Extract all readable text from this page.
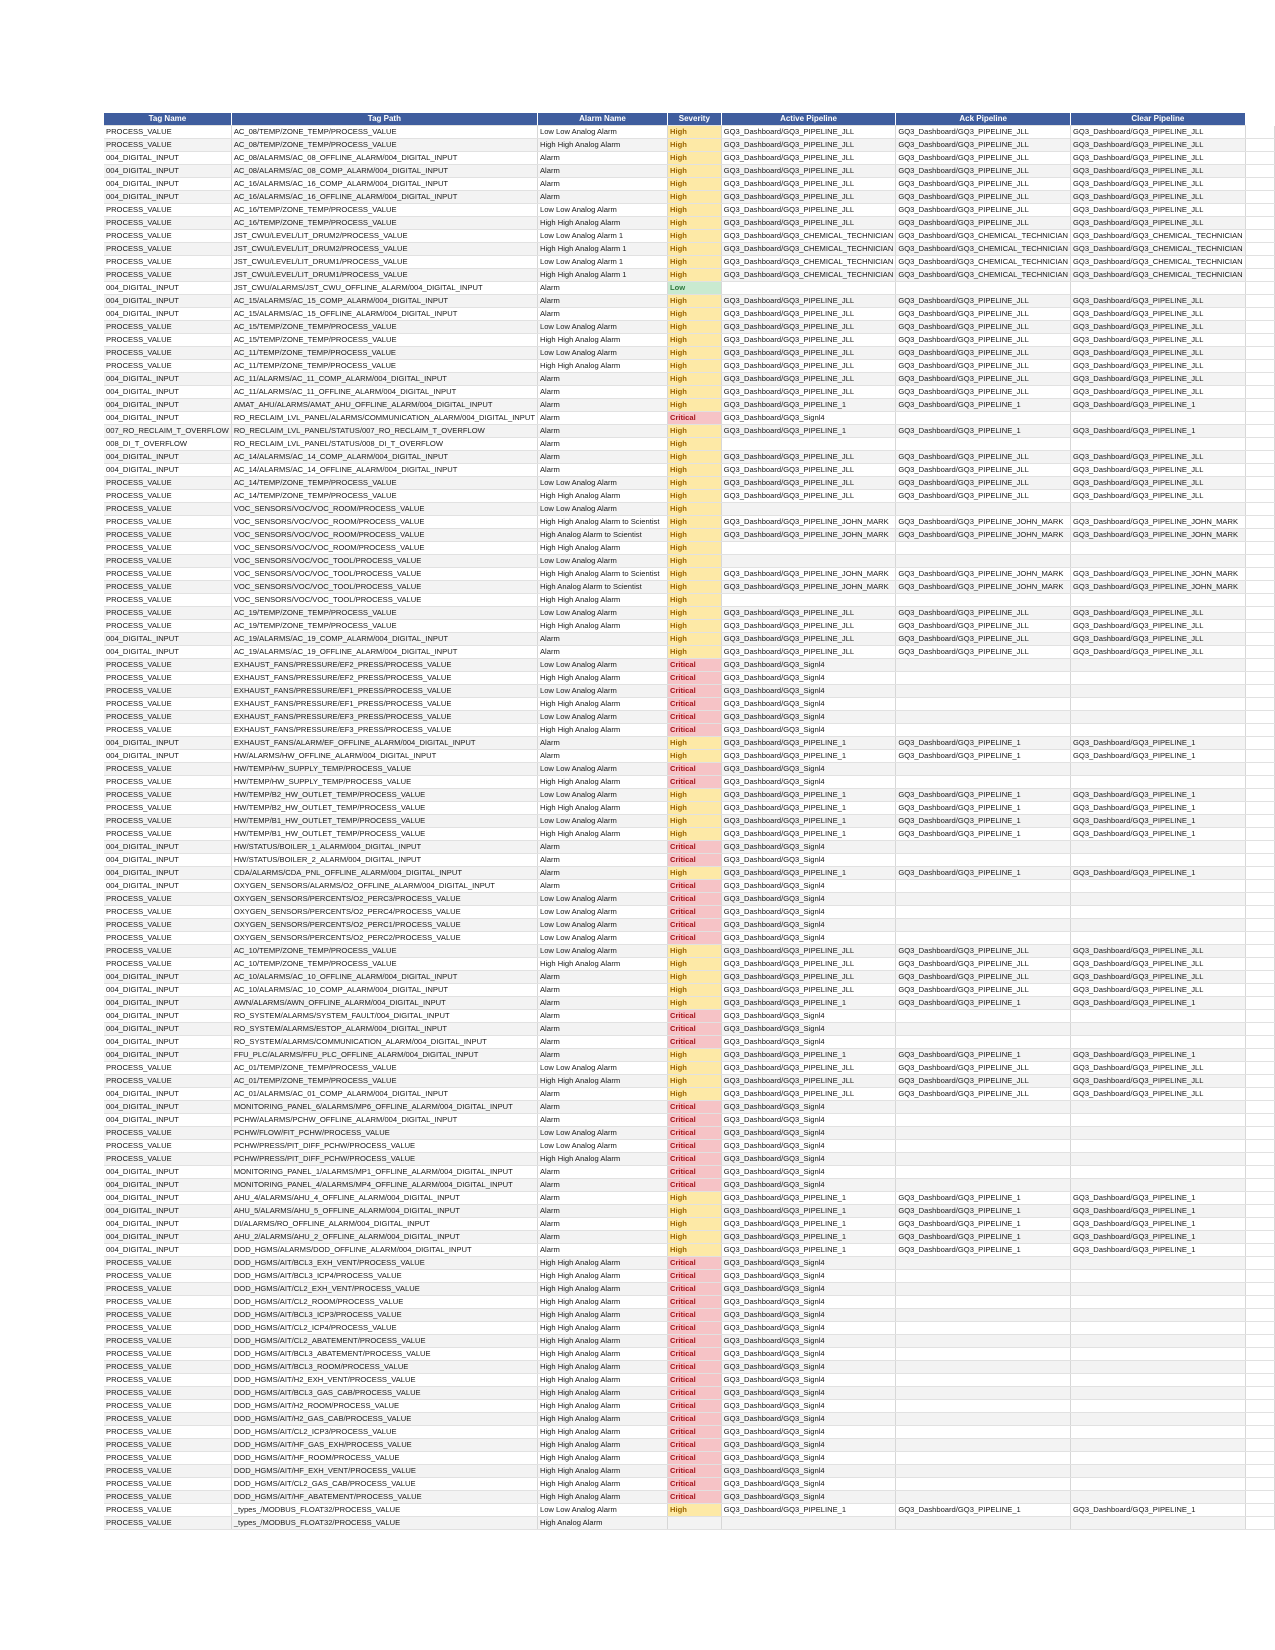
Tag Name	Tag Path	Alarm Name	Severity	Active Pipeline	Ack Pipeline	Clear Pipeline	
PROCESS_VALUE	AC_08/TEMP/ZONE_TEMP/PROCESS_VALUE	Low Low Analog Alarm	High	GQ3_Dashboard/GQ3_PIPELINE_JLL	GQ3_Dashboard/GQ3_PIPELINE_JLL	GQ3_Dashboard/GQ3_PIPELINE_JLL	
PROCESS_VALUE	AC_08/TEMP/ZONE_TEMP/PROCESS_VALUE	High High Analog Alarm	High	GQ3_Dashboard/GQ3_PIPELINE_JLL	GQ3_Dashboard/GQ3_PIPELINE_JLL	GQ3_Dashboard/GQ3_PIPELINE_JLL	
004_DIGITAL_INPUT	AC_08/ALARMS/AC_08_OFFLINE_ALARM/004_DIGITAL_INPUT	Alarm	High	GQ3_Dashboard/GQ3_PIPELINE_JLL	GQ3_Dashboard/GQ3_PIPELINE_JLL	GQ3_Dashboard/GQ3_PIPELINE_JLL	
004_DIGITAL_INPUT	AC_08/ALARMS/AC_08_COMP_ALARM/004_DIGITAL_INPUT	Alarm	High	GQ3_Dashboard/GQ3_PIPELINE_JLL	GQ3_Dashboard/GQ3_PIPELINE_JLL	GQ3_Dashboard/GQ3_PIPELINE_JLL	
004_DIGITAL_INPUT	AC_16/ALARMS/AC_16_COMP_ALARM/004_DIGITAL_INPUT	Alarm	High	GQ3_Dashboard/GQ3_PIPELINE_JLL	GQ3_Dashboard/GQ3_PIPELINE_JLL	GQ3_Dashboard/GQ3_PIPELINE_JLL	
004_DIGITAL_INPUT	AC_16/ALARMS/AC_16_OFFLINE_ALARM/004_DIGITAL_INPUT	Alarm	High	GQ3_Dashboard/GQ3_PIPELINE_JLL	GQ3_Dashboard/GQ3_PIPELINE_JLL	GQ3_Dashboard/GQ3_PIPELINE_JLL	
PROCESS_VALUE	AC_16/TEMP/ZONE_TEMP/PROCESS_VALUE	Low Low Analog Alarm	High	GQ3_Dashboard/GQ3_PIPELINE_JLL	GQ3_Dashboard/GQ3_PIPELINE_JLL	GQ3_Dashboard/GQ3_PIPELINE_JLL	
PROCESS_VALUE	AC_16/TEMP/ZONE_TEMP/PROCESS_VALUE	High High Analog Alarm	High	GQ3_Dashboard/GQ3_PIPELINE_JLL	GQ3_Dashboard/GQ3_PIPELINE_JLL	GQ3_Dashboard/GQ3_PIPELINE_JLL	
PROCESS_VALUE	JST_CWU/LEVEL/LIT_DRUM2/PROCESS_VALUE	Low Low Analog Alarm 1	High	GQ3_Dashboard/GQ3_CHEMICAL_TECHNICIAN	GQ3_Dashboard/GQ3_CHEMICAL_TECHNICIAN	GQ3_Dashboard/GQ3_CHEMICAL_TECHNICIAN	
PROCESS_VALUE	JST_CWU/LEVEL/LIT_DRUM2/PROCESS_VALUE	High High Analog Alarm 1	High	GQ3_Dashboard/GQ3_CHEMICAL_TECHNICIAN	GQ3_Dashboard/GQ3_CHEMICAL_TECHNICIAN	GQ3_Dashboard/GQ3_CHEMICAL_TECHNICIAN	
PROCESS_VALUE	JST_CWU/LEVEL/LIT_DRUM1/PROCESS_VALUE	Low Low Analog Alarm 1	High	GQ3_Dashboard/GQ3_CHEMICAL_TECHNICIAN	GQ3_Dashboard/GQ3_CHEMICAL_TECHNICIAN	GQ3_Dashboard/GQ3_CHEMICAL_TECHNICIAN	
PROCESS_VALUE	JST_CWU/LEVEL/LIT_DRUM1/PROCESS_VALUE	High High Analog Alarm 1	High	GQ3_Dashboard/GQ3_CHEMICAL_TECHNICIAN	GQ3_Dashboard/GQ3_CHEMICAL_TECHNICIAN	GQ3_Dashboard/GQ3_CHEMICAL_TECHNICIAN	
004_DIGITAL_INPUT	JST_CWU/ALARMS/JST_CWU_OFFLINE_ALARM/004_DIGITAL_INPUT	Alarm	Low				
004_DIGITAL_INPUT	AC_15/ALARMS/AC_15_COMP_ALARM/004_DIGITAL_INPUT	Alarm	High	GQ3_Dashboard/GQ3_PIPELINE_JLL	GQ3_Dashboard/GQ3_PIPELINE_JLL	GQ3_Dashboard/GQ3_PIPELINE_JLL	
004_DIGITAL_INPUT	AC_15/ALARMS/AC_15_OFFLINE_ALARM/004_DIGITAL_INPUT	Alarm	High	GQ3_Dashboard/GQ3_PIPELINE_JLL	GQ3_Dashboard/GQ3_PIPELINE_JLL	GQ3_Dashboard/GQ3_PIPELINE_JLL	
PROCESS_VALUE	AC_15/TEMP/ZONE_TEMP/PROCESS_VALUE	Low Low Analog Alarm	High	GQ3_Dashboard/GQ3_PIPELINE_JLL	GQ3_Dashboard/GQ3_PIPELINE_JLL	GQ3_Dashboard/GQ3_PIPELINE_JLL	
PROCESS_VALUE	AC_15/TEMP/ZONE_TEMP/PROCESS_VALUE	High High Analog Alarm	High	GQ3_Dashboard/GQ3_PIPELINE_JLL	GQ3_Dashboard/GQ3_PIPELINE_JLL	GQ3_Dashboard/GQ3_PIPELINE_JLL	
PROCESS_VALUE	AC_11/TEMP/ZONE_TEMP/PROCESS_VALUE	Low Low Analog Alarm	High	GQ3_Dashboard/GQ3_PIPELINE_JLL	GQ3_Dashboard/GQ3_PIPELINE_JLL	GQ3_Dashboard/GQ3_PIPELINE_JLL	
PROCESS_VALUE	AC_11/TEMP/ZONE_TEMP/PROCESS_VALUE	High High Analog Alarm	High	GQ3_Dashboard/GQ3_PIPELINE_JLL	GQ3_Dashboard/GQ3_PIPELINE_JLL	GQ3_Dashboard/GQ3_PIPELINE_JLL	
004_DIGITAL_INPUT	AC_11/ALARMS/AC_11_COMP_ALARM/004_DIGITAL_INPUT	Alarm	High	GQ3_Dashboard/GQ3_PIPELINE_JLL	GQ3_Dashboard/GQ3_PIPELINE_JLL	GQ3_Dashboard/GQ3_PIPELINE_JLL	
004_DIGITAL_INPUT	AC_11/ALARMS/AC_11_OFFLINE_ALARM/004_DIGITAL_INPUT	Alarm	High	GQ3_Dashboard/GQ3_PIPELINE_JLL	GQ3_Dashboard/GQ3_PIPELINE_JLL	GQ3_Dashboard/GQ3_PIPELINE_JLL	
004_DIGITAL_INPUT	AMAT_AHU/ALARMS/AMAT_AHU_OFFLINE_ALARM/004_DIGITAL_INPUT	Alarm	High	GQ3_Dashboard/GQ3_PIPELINE_1	GQ3_Dashboard/GQ3_PIPELINE_1	GQ3_Dashboard/GQ3_PIPELINE_1	
004_DIGITAL_INPUT	RO_RECLAIM_LVL_PANEL/ALARMS/COMMUNICATION_ALARM/004_DIGITAL_INPUT	Alarm	Critical	GQ3_Dashboard/GQ3_Signl4			
007_RO_RECLAIM_T_OVERFLOW	RO_RECLAIM_LVL_PANEL/STATUS/007_RO_RECLAIM_T_OVERFLOW	Alarm	High	GQ3_Dashboard/GQ3_PIPELINE_1	GQ3_Dashboard/GQ3_PIPELINE_1	GQ3_Dashboard/GQ3_PIPELINE_1	
008_DI_T_OVERFLOW	RO_RECLAIM_LVL_PANEL/STATUS/008_DI_T_OVERFLOW	Alarm	High				
004_DIGITAL_INPUT	AC_14/ALARMS/AC_14_COMP_ALARM/004_DIGITAL_INPUT	Alarm	High	GQ3_Dashboard/GQ3_PIPELINE_JLL	GQ3_Dashboard/GQ3_PIPELINE_JLL	GQ3_Dashboard/GQ3_PIPELINE_JLL	
004_DIGITAL_INPUT	AC_14/ALARMS/AC_14_OFFLINE_ALARM/004_DIGITAL_INPUT	Alarm	High	GQ3_Dashboard/GQ3_PIPELINE_JLL	GQ3_Dashboard/GQ3_PIPELINE_JLL	GQ3_Dashboard/GQ3_PIPELINE_JLL	
PROCESS_VALUE	AC_14/TEMP/ZONE_TEMP/PROCESS_VALUE	Low Low Analog Alarm	High	GQ3_Dashboard/GQ3_PIPELINE_JLL	GQ3_Dashboard/GQ3_PIPELINE_JLL	GQ3_Dashboard/GQ3_PIPELINE_JLL	
PROCESS_VALUE	AC_14/TEMP/ZONE_TEMP/PROCESS_VALUE	High High Analog Alarm	High	GQ3_Dashboard/GQ3_PIPELINE_JLL	GQ3_Dashboard/GQ3_PIPELINE_JLL	GQ3_Dashboard/GQ3_PIPELINE_JLL	
PROCESS_VALUE	VOC_SENSORS/VOC/VOC_ROOM/PROCESS_VALUE	Low Low Analog Alarm	High				
PROCESS_VALUE	VOC_SENSORS/VOC/VOC_ROOM/PROCESS_VALUE	High High Analog Alarm to Scientist	High	GQ3_Dashboard/GQ3_PIPELINE_JOHN_MARK	GQ3_Dashboard/GQ3_PIPELINE_JOHN_MARK	GQ3_Dashboard/GQ3_PIPELINE_JOHN_MARK	
PROCESS_VALUE	VOC_SENSORS/VOC/VOC_ROOM/PROCESS_VALUE	High Analog Alarm to Scientist	High	GQ3_Dashboard/GQ3_PIPELINE_JOHN_MARK	GQ3_Dashboard/GQ3_PIPELINE_JOHN_MARK	GQ3_Dashboard/GQ3_PIPELINE_JOHN_MARK	
PROCESS_VALUE	VOC_SENSORS/VOC/VOC_ROOM/PROCESS_VALUE	High High Analog Alarm	High				
PROCESS_VALUE	VOC_SENSORS/VOC/VOC_TOOL/PROCESS_VALUE	Low Low Analog Alarm	High				
PROCESS_VALUE	VOC_SENSORS/VOC/VOC_TOOL/PROCESS_VALUE	High High Analog Alarm to Scientist	High	GQ3_Dashboard/GQ3_PIPELINE_JOHN_MARK	GQ3_Dashboard/GQ3_PIPELINE_JOHN_MARK	GQ3_Dashboard/GQ3_PIPELINE_JOHN_MARK	
PROCESS_VALUE	VOC_SENSORS/VOC/VOC_TOOL/PROCESS_VALUE	High Analog Alarm to Scientist	High	GQ3_Dashboard/GQ3_PIPELINE_JOHN_MARK	GQ3_Dashboard/GQ3_PIPELINE_JOHN_MARK	GQ3_Dashboard/GQ3_PIPELINE_JOHN_MARK	
PROCESS_VALUE	VOC_SENSORS/VOC/VOC_TOOL/PROCESS_VALUE	High High Analog Alarm	High				
PROCESS_VALUE	AC_19/TEMP/ZONE_TEMP/PROCESS_VALUE	Low Low Analog Alarm	High	GQ3_Dashboard/GQ3_PIPELINE_JLL	GQ3_Dashboard/GQ3_PIPELINE_JLL	GQ3_Dashboard/GQ3_PIPELINE_JLL	
PROCESS_VALUE	AC_19/TEMP/ZONE_TEMP/PROCESS_VALUE	High High Analog Alarm	High	GQ3_Dashboard/GQ3_PIPELINE_JLL	GQ3_Dashboard/GQ3_PIPELINE_JLL	GQ3_Dashboard/GQ3_PIPELINE_JLL	
004_DIGITAL_INPUT	AC_19/ALARMS/AC_19_COMP_ALARM/004_DIGITAL_INPUT	Alarm	High	GQ3_Dashboard/GQ3_PIPELINE_JLL	GQ3_Dashboard/GQ3_PIPELINE_JLL	GQ3_Dashboard/GQ3_PIPELINE_JLL	
004_DIGITAL_INPUT	AC_19/ALARMS/AC_19_OFFLINE_ALARM/004_DIGITAL_INPUT	Alarm	High	GQ3_Dashboard/GQ3_PIPELINE_JLL	GQ3_Dashboard/GQ3_PIPELINE_JLL	GQ3_Dashboard/GQ3_PIPELINE_JLL	
PROCESS_VALUE	EXHAUST_FANS/PRESSURE/EF2_PRESS/PROCESS_VALUE	Low Low Analog Alarm	Critical	GQ3_Dashboard/GQ3_Signl4			
PROCESS_VALUE	EXHAUST_FANS/PRESSURE/EF2_PRESS/PROCESS_VALUE	High High Analog Alarm	Critical	GQ3_Dashboard/GQ3_Signl4			
PROCESS_VALUE	EXHAUST_FANS/PRESSURE/EF1_PRESS/PROCESS_VALUE	Low Low Analog Alarm	Critical	GQ3_Dashboard/GQ3_Signl4			
PROCESS_VALUE	EXHAUST_FANS/PRESSURE/EF1_PRESS/PROCESS_VALUE	High High Analog Alarm	Critical	GQ3_Dashboard/GQ3_Signl4			
PROCESS_VALUE	EXHAUST_FANS/PRESSURE/EF3_PRESS/PROCESS_VALUE	Low Low Analog Alarm	Critical	GQ3_Dashboard/GQ3_Signl4			
PROCESS_VALUE	EXHAUST_FANS/PRESSURE/EF3_PRESS/PROCESS_VALUE	High High Analog Alarm	Critical	GQ3_Dashboard/GQ3_Signl4			
004_DIGITAL_INPUT	EXHAUST_FANS/ALARM/EF_OFFLINE_ALARM/004_DIGITAL_INPUT	Alarm	High	GQ3_Dashboard/GQ3_PIPELINE_1	GQ3_Dashboard/GQ3_PIPELINE_1	GQ3_Dashboard/GQ3_PIPELINE_1	
004_DIGITAL_INPUT	HW/ALARMS/HW_OFFLINE_ALARM/004_DIGITAL_INPUT	Alarm	High	GQ3_Dashboard/GQ3_PIPELINE_1	GQ3_Dashboard/GQ3_PIPELINE_1	GQ3_Dashboard/GQ3_PIPELINE_1	
PROCESS_VALUE	HW/TEMP/HW_SUPPLY_TEMP/PROCESS_VALUE	Low Low Analog Alarm	Critical	GQ3_Dashboard/GQ3_Signl4			
PROCESS_VALUE	HW/TEMP/HW_SUPPLY_TEMP/PROCESS_VALUE	High High Analog Alarm	Critical	GQ3_Dashboard/GQ3_Signl4			
PROCESS_VALUE	HW/TEMP/B2_HW_OUTLET_TEMP/PROCESS_VALUE	Low Low Analog Alarm	High	GQ3_Dashboard/GQ3_PIPELINE_1	GQ3_Dashboard/GQ3_PIPELINE_1	GQ3_Dashboard/GQ3_PIPELINE_1	
PROCESS_VALUE	HW/TEMP/B2_HW_OUTLET_TEMP/PROCESS_VALUE	High High Analog Alarm	High	GQ3_Dashboard/GQ3_PIPELINE_1	GQ3_Dashboard/GQ3_PIPELINE_1	GQ3_Dashboard/GQ3_PIPELINE_1	
PROCESS_VALUE	HW/TEMP/B1_HW_OUTLET_TEMP/PROCESS_VALUE	Low Low Analog Alarm	High	GQ3_Dashboard/GQ3_PIPELINE_1	GQ3_Dashboard/GQ3_PIPELINE_1	GQ3_Dashboard/GQ3_PIPELINE_1	
PROCESS_VALUE	HW/TEMP/B1_HW_OUTLET_TEMP/PROCESS_VALUE	High High Analog Alarm	High	GQ3_Dashboard/GQ3_PIPELINE_1	GQ3_Dashboard/GQ3_PIPELINE_1	GQ3_Dashboard/GQ3_PIPELINE_1	
004_DIGITAL_INPUT	HW/STATUS/BOILER_1_ALARM/004_DIGITAL_INPUT	Alarm	Critical	GQ3_Dashboard/GQ3_Signl4			
004_DIGITAL_INPUT	HW/STATUS/BOILER_2_ALARM/004_DIGITAL_INPUT	Alarm	Critical	GQ3_Dashboard/GQ3_Signl4			
004_DIGITAL_INPUT	CDA/ALARMS/CDA_PNL_OFFLINE_ALARM/004_DIGITAL_INPUT	Alarm	High	GQ3_Dashboard/GQ3_PIPELINE_1	GQ3_Dashboard/GQ3_PIPELINE_1	GQ3_Dashboard/GQ3_PIPELINE_1	
004_DIGITAL_INPUT	OXYGEN_SENSORS/ALARMS/O2_OFFLINE_ALARM/004_DIGITAL_INPUT	Alarm	Critical	GQ3_Dashboard/GQ3_Signl4			
PROCESS_VALUE	OXYGEN_SENSORS/PERCENTS/O2_PERC3/PROCESS_VALUE	Low Low Analog Alarm	Critical	GQ3_Dashboard/GQ3_Signl4			
PROCESS_VALUE	OXYGEN_SENSORS/PERCENTS/O2_PERC4/PROCESS_VALUE	Low Low Analog Alarm	Critical	GQ3_Dashboard/GQ3_Signl4			
PROCESS_VALUE	OXYGEN_SENSORS/PERCENTS/O2_PERC1/PROCESS_VALUE	Low Low Analog Alarm	Critical	GQ3_Dashboard/GQ3_Signl4			
PROCESS_VALUE	OXYGEN_SENSORS/PERCENTS/O2_PERC2/PROCESS_VALUE	Low Low Analog Alarm	Critical	GQ3_Dashboard/GQ3_Signl4			
PROCESS_VALUE	AC_10/TEMP/ZONE_TEMP/PROCESS_VALUE	Low Low Analog Alarm	High	GQ3_Dashboard/GQ3_PIPELINE_JLL	GQ3_Dashboard/GQ3_PIPELINE_JLL	GQ3_Dashboard/GQ3_PIPELINE_JLL	
PROCESS_VALUE	AC_10/TEMP/ZONE_TEMP/PROCESS_VALUE	High High Analog Alarm	High	GQ3_Dashboard/GQ3_PIPELINE_JLL	GQ3_Dashboard/GQ3_PIPELINE_JLL	GQ3_Dashboard/GQ3_PIPELINE_JLL	
004_DIGITAL_INPUT	AC_10/ALARMS/AC_10_OFFLINE_ALARM/004_DIGITAL_INPUT	Alarm	High	GQ3_Dashboard/GQ3_PIPELINE_JLL	GQ3_Dashboard/GQ3_PIPELINE_JLL	GQ3_Dashboard/GQ3_PIPELINE_JLL	
004_DIGITAL_INPUT	AC_10/ALARMS/AC_10_COMP_ALARM/004_DIGITAL_INPUT	Alarm	High	GQ3_Dashboard/GQ3_PIPELINE_JLL	GQ3_Dashboard/GQ3_PIPELINE_JLL	GQ3_Dashboard/GQ3_PIPELINE_JLL	
004_DIGITAL_INPUT	AWN/ALARMS/AWN_OFFLINE_ALARM/004_DIGITAL_INPUT	Alarm	High	GQ3_Dashboard/GQ3_PIPELINE_1	GQ3_Dashboard/GQ3_PIPELINE_1	GQ3_Dashboard/GQ3_PIPELINE_1	
004_DIGITAL_INPUT	RO_SYSTEM/ALARMS/SYSTEM_FAULT/004_DIGITAL_INPUT	Alarm	Critical	GQ3_Dashboard/GQ3_Signl4			
004_DIGITAL_INPUT	RO_SYSTEM/ALARMS/ESTOP_ALARM/004_DIGITAL_INPUT	Alarm	Critical	GQ3_Dashboard/GQ3_Signl4			
004_DIGITAL_INPUT	RO_SYSTEM/ALARMS/COMMUNICATION_ALARM/004_DIGITAL_INPUT	Alarm	Critical	GQ3_Dashboard/GQ3_Signl4			
004_DIGITAL_INPUT	FFU_PLC/ALARMS/FFU_PLC_OFFLINE_ALARM/004_DIGITAL_INPUT	Alarm	High	GQ3_Dashboard/GQ3_PIPELINE_1	GQ3_Dashboard/GQ3_PIPELINE_1	GQ3_Dashboard/GQ3_PIPELINE_1	
PROCESS_VALUE	AC_01/TEMP/ZONE_TEMP/PROCESS_VALUE	Low Low Analog Alarm	High	GQ3_Dashboard/GQ3_PIPELINE_JLL	GQ3_Dashboard/GQ3_PIPELINE_JLL	GQ3_Dashboard/GQ3_PIPELINE_JLL	
PROCESS_VALUE	AC_01/TEMP/ZONE_TEMP/PROCESS_VALUE	High High Analog Alarm	High	GQ3_Dashboard/GQ3_PIPELINE_JLL	GQ3_Dashboard/GQ3_PIPELINE_JLL	GQ3_Dashboard/GQ3_PIPELINE_JLL	
004_DIGITAL_INPUT	AC_01/ALARMS/AC_01_COMP_ALARM/004_DIGITAL_INPUT	Alarm	High	GQ3_Dashboard/GQ3_PIPELINE_JLL	GQ3_Dashboard/GQ3_PIPELINE_JLL	GQ3_Dashboard/GQ3_PIPELINE_JLL	
004_DIGITAL_INPUT	MONITORING_PANEL_6/ALARMS/MP6_OFFLINE_ALARM/004_DIGITAL_INPUT	Alarm	Critical	GQ3_Dashboard/GQ3_Signl4			
004_DIGITAL_INPUT	PCHW/ALARMS/PCHW_OFFLINE_ALARM/004_DIGITAL_INPUT	Alarm	Critical	GQ3_Dashboard/GQ3_Signl4			
PROCESS_VALUE	PCHW/FLOW/FIT_PCHW/PROCESS_VALUE	Low Low Analog Alarm	Critical	GQ3_Dashboard/GQ3_Signl4			
PROCESS_VALUE	PCHW/PRESS/PIT_DIFF_PCHW/PROCESS_VALUE	Low Low Analog Alarm	Critical	GQ3_Dashboard/GQ3_Signl4			
PROCESS_VALUE	PCHW/PRESS/PIT_DIFF_PCHW/PROCESS_VALUE	High High Analog Alarm	Critical	GQ3_Dashboard/GQ3_Signl4			
004_DIGITAL_INPUT	MONITORING_PANEL_1/ALARMS/MP1_OFFLINE_ALARM/004_DIGITAL_INPUT	Alarm	Critical	GQ3_Dashboard/GQ3_Signl4			
004_DIGITAL_INPUT	MONITORING_PANEL_4/ALARMS/MP4_OFFLINE_ALARM/004_DIGITAL_INPUT	Alarm	Critical	GQ3_Dashboard/GQ3_Signl4			
004_DIGITAL_INPUT	AHU_4/ALARMS/AHU_4_OFFLINE_ALARM/004_DIGITAL_INPUT	Alarm	High	GQ3_Dashboard/GQ3_PIPELINE_1	GQ3_Dashboard/GQ3_PIPELINE_1	GQ3_Dashboard/GQ3_PIPELINE_1	
004_DIGITAL_INPUT	AHU_5/ALARMS/AHU_5_OFFLINE_ALARM/004_DIGITAL_INPUT	Alarm	High	GQ3_Dashboard/GQ3_PIPELINE_1	GQ3_Dashboard/GQ3_PIPELINE_1	GQ3_Dashboard/GQ3_PIPELINE_1	
004_DIGITAL_INPUT	DI/ALARMS/RO_OFFLINE_ALARM/004_DIGITAL_INPUT	Alarm	High	GQ3_Dashboard/GQ3_PIPELINE_1	GQ3_Dashboard/GQ3_PIPELINE_1	GQ3_Dashboard/GQ3_PIPELINE_1	
004_DIGITAL_INPUT	AHU_2/ALARMS/AHU_2_OFFLINE_ALARM/004_DIGITAL_INPUT	Alarm	High	GQ3_Dashboard/GQ3_PIPELINE_1	GQ3_Dashboard/GQ3_PIPELINE_1	GQ3_Dashboard/GQ3_PIPELINE_1	
004_DIGITAL_INPUT	DOD_HGMS/ALARMS/DOD_OFFLINE_ALARM/004_DIGITAL_INPUT	Alarm	High	GQ3_Dashboard/GQ3_PIPELINE_1	GQ3_Dashboard/GQ3_PIPELINE_1	GQ3_Dashboard/GQ3_PIPELINE_1	
PROCESS_VALUE	DOD_HGMS/AIT/BCL3_EXH_VENT/PROCESS_VALUE	High High Analog Alarm	Critical	GQ3_Dashboard/GQ3_Signl4			
PROCESS_VALUE	DOD_HGMS/AIT/BCL3_ICP4/PROCESS_VALUE	High High Analog Alarm	Critical	GQ3_Dashboard/GQ3_Signl4			
PROCESS_VALUE	DOD_HGMS/AIT/CL2_EXH_VENT/PROCESS_VALUE	High High Analog Alarm	Critical	GQ3_Dashboard/GQ3_Signl4			
PROCESS_VALUE	DOD_HGMS/AIT/CL2_ROOM/PROCESS_VALUE	High High Analog Alarm	Critical	GQ3_Dashboard/GQ3_Signl4			
PROCESS_VALUE	DOD_HGMS/AIT/BCL3_ICP3/PROCESS_VALUE	High High Analog Alarm	Critical	GQ3_Dashboard/GQ3_Signl4			
PROCESS_VALUE	DOD_HGMS/AIT/CL2_ICP4/PROCESS_VALUE	High High Analog Alarm	Critical	GQ3_Dashboard/GQ3_Signl4			
PROCESS_VALUE	DOD_HGMS/AIT/CL2_ABATEMENT/PROCESS_VALUE	High High Analog Alarm	Critical	GQ3_Dashboard/GQ3_Signl4			
PROCESS_VALUE	DOD_HGMS/AIT/BCL3_ABATEMENT/PROCESS_VALUE	High High Analog Alarm	Critical	GQ3_Dashboard/GQ3_Signl4			
PROCESS_VALUE	DOD_HGMS/AIT/BCL3_ROOM/PROCESS_VALUE	High High Analog Alarm	Critical	GQ3_Dashboard/GQ3_Signl4			
PROCESS_VALUE	DOD_HGMS/AIT/H2_EXH_VENT/PROCESS_VALUE	High High Analog Alarm	Critical	GQ3_Dashboard/GQ3_Signl4			
PROCESS_VALUE	DOD_HGMS/AIT/BCL3_GAS_CAB/PROCESS_VALUE	High High Analog Alarm	Critical	GQ3_Dashboard/GQ3_Signl4			
PROCESS_VALUE	DOD_HGMS/AIT/H2_ROOM/PROCESS_VALUE	High High Analog Alarm	Critical	GQ3_Dashboard/GQ3_Signl4			
PROCESS_VALUE	DOD_HGMS/AIT/H2_GAS_CAB/PROCESS_VALUE	High High Analog Alarm	Critical	GQ3_Dashboard/GQ3_Signl4			
PROCESS_VALUE	DOD_HGMS/AIT/CL2_ICP3/PROCESS_VALUE	High High Analog Alarm	Critical	GQ3_Dashboard/GQ3_Signl4			
PROCESS_VALUE	DOD_HGMS/AIT/HF_GAS_EXH/PROCESS_VALUE	High High Analog Alarm	Critical	GQ3_Dashboard/GQ3_Signl4			
PROCESS_VALUE	DOD_HGMS/AIT/HF_ROOM/PROCESS_VALUE	High High Analog Alarm	Critical	GQ3_Dashboard/GQ3_Signl4			
PROCESS_VALUE	DOD_HGMS/AIT/HF_EXH_VENT/PROCESS_VALUE	High High Analog Alarm	Critical	GQ3_Dashboard/GQ3_Signl4			
PROCESS_VALUE	DOD_HGMS/AIT/CL2_GAS_CAB/PROCESS_VALUE	High High Analog Alarm	Critical	GQ3_Dashboard/GQ3_Signl4			
PROCESS_VALUE	DOD_HGMS/AIT/HF_ABATEMENT/PROCESS_VALUE	High High Analog Alarm	Critical	GQ3_Dashboard/GQ3_Signl4			
PROCESS_VALUE	_types_/MODBUS_FLOAT32/PROCESS_VALUE	Low Low Analog Alarm	High	GQ3_Dashboard/GQ3_PIPELINE_1	GQ3_Dashboard/GQ3_PIPELINE_1	GQ3_Dashboard/GQ3_PIPELINE_1	
PROCESS_VALUE	_types_/MODBUS_FLOAT32/PROCESS_VALUE	High Analog Alarm					
